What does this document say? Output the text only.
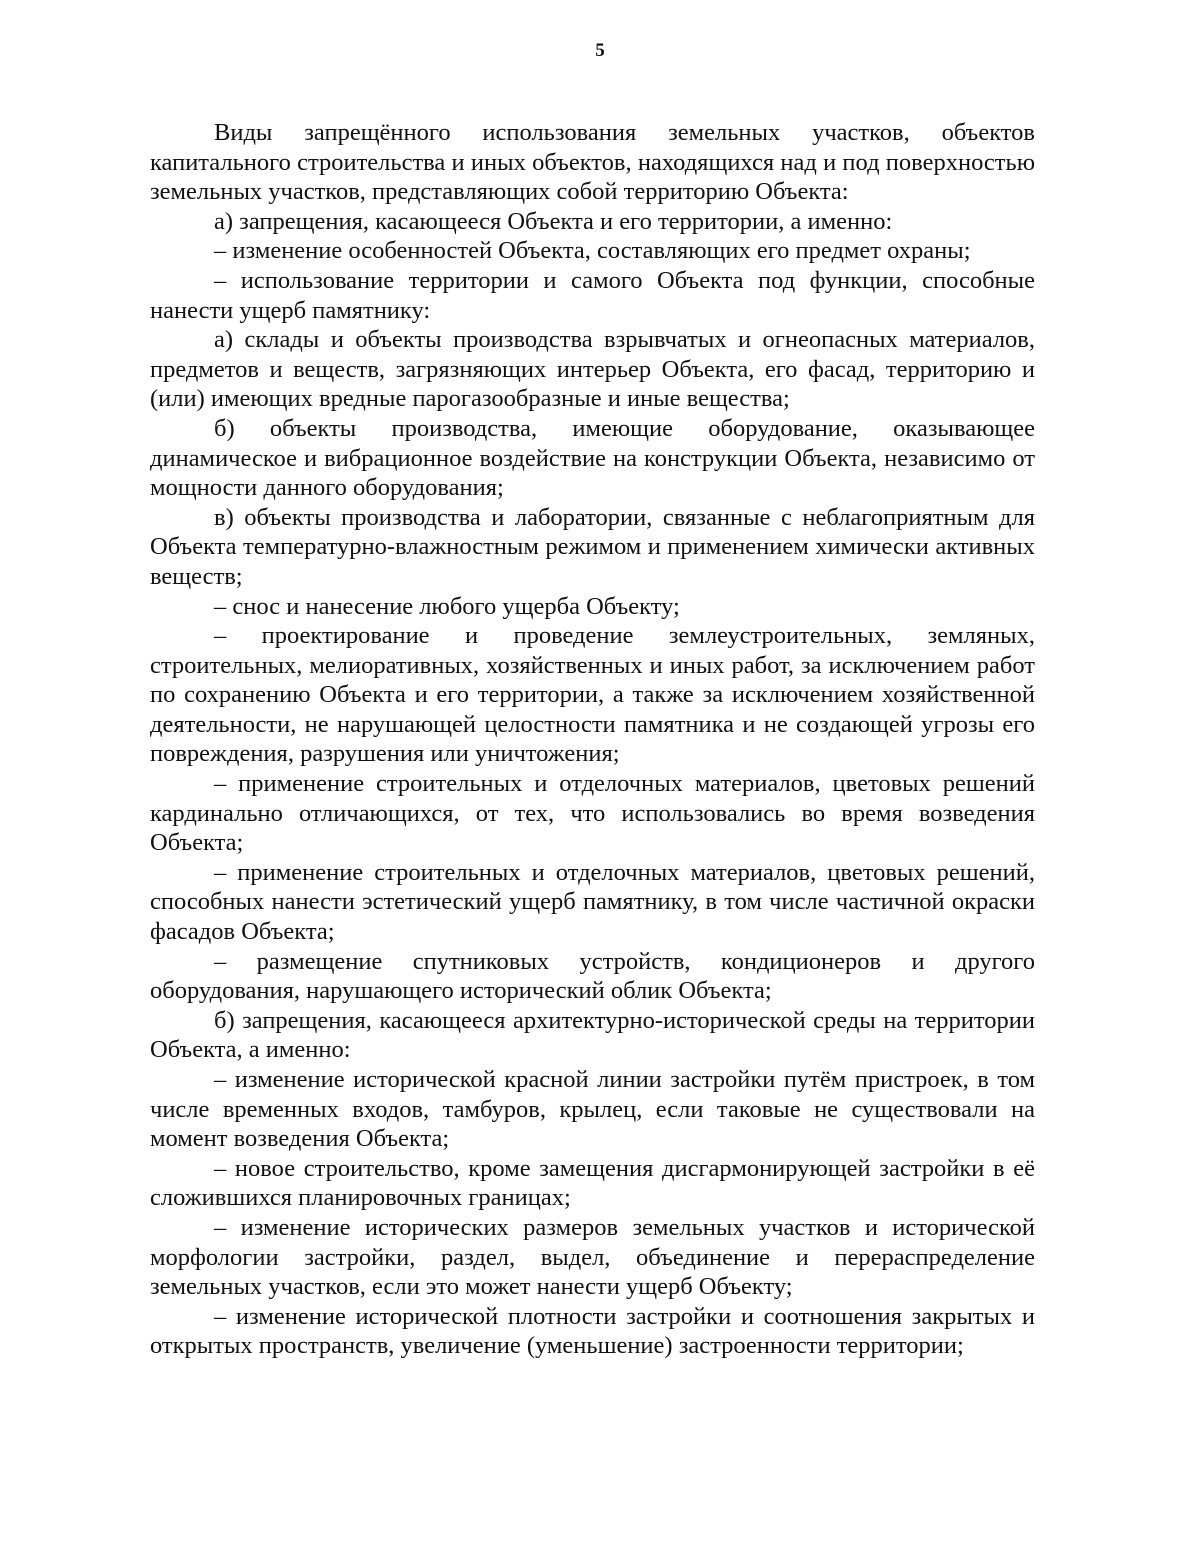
5

Виды запрещённого использования земельных участков, объектов капитального строительства и иных объектов, находящихся над и под поверхностью земельных участков, представляющих собой территорию Объекта:

а) запрещения, касающееся Объекта и его территории, а именно:

– изменение особенностей Объекта, составляющих его предмет охраны;

– использование территории и самого Объекта под функции, способные нанести ущерб памятнику:

а) склады и объекты производства взрывчатых и огнеопасных материалов, предметов и веществ, загрязняющих интерьер Объекта, его фасад, территорию и (или) имеющих вредные парогазообразные и иные вещества;

б) объекты производства, имеющие оборудование, оказывающее динамическое и вибрационное воздействие на конструкции Объекта, независимо от мощности данного оборудования;

в) объекты производства и лаборатории, связанные с неблагоприятным для Объекта температурно-влажностным режимом и применением химически активных веществ;

– снос и нанесение любого ущерба Объекту;

– проектирование и проведение землеустроительных, земляных, строительных, мелиоративных, хозяйственных и иных работ, за исключением работ по сохранению Объекта и его территории, а также за исключением хозяйственной деятельности, не нарушающей целостности памятника и не создающей угрозы его повреждения, разрушения или уничтожения;

– применение строительных и отделочных материалов, цветовых решений кардинально отличающихся, от тех, что использовались во время возведения Объекта;

– применение строительных и отделочных материалов, цветовых решений, способных нанести эстетический ущерб памятнику, в том числе частичной окраски фасадов Объекта;

– размещение спутниковых устройств, кондиционеров и другого оборудования, нарушающего исторический облик Объекта;

б) запрещения, касающееся архитектурно-исторической среды на территории Объекта, а именно:

– изменение исторической красной линии застройки путём пристроек, в том числе временных входов, тамбуров, крылец, если таковые не существовали на момент возведения Объекта;

– новое строительство, кроме замещения дисгармонирующей застройки в её сложившихся планировочных границах;

– изменение исторических размеров земельных участков и исторической морфологии застройки, раздел, выдел, объединение и перераспределение земельных участков, если это может нанести ущерб Объекту;

– изменение исторической плотности застройки и соотношения закрытых и открытых пространств, увеличение (уменьшение) застроенности территории;
